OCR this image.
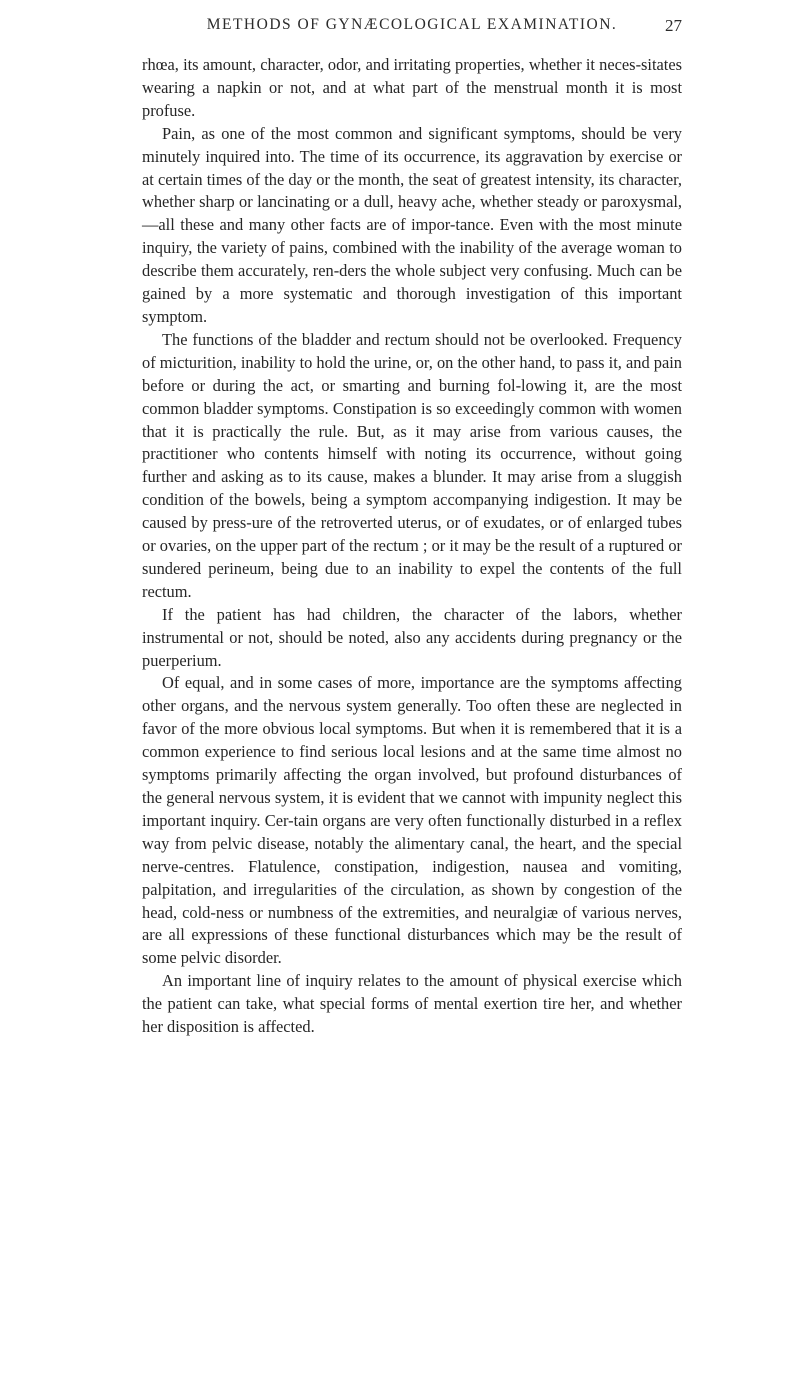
METHODS OF GYNÆCOLOGICAL EXAMINATION.	27

rhœa, its amount, character, odor, and irritating properties, whether it neces-sitates wearing a napkin or not, and at what part of the menstrual month it is most profuse.

Pain, as one of the most common and significant symptoms, should be very minutely inquired into. The time of its occurrence, its aggravation by exercise or at certain times of the day or the month, the seat of greatest intensity, its character, whether sharp or lancinating or a dull, heavy ache, whether steady or paroxysmal,—all these and many other facts are of impor-tance. Even with the most minute inquiry, the variety of pains, combined with the inability of the average woman to describe them accurately, ren-ders the whole subject very confusing. Much can be gained by a more systematic and thorough investigation of this important symptom.

The functions of the bladder and rectum should not be overlooked. Frequency of micturition, inability to hold the urine, or, on the other hand, to pass it, and pain before or during the act, or smarting and burning fol-lowing it, are the most common bladder symptoms. Constipation is so exceedingly common with women that it is practically the rule. But, as it may arise from various causes, the practitioner who contents himself with noting its occurrence, without going further and asking as to its cause, makes a blunder. It may arise from a sluggish condition of the bowels, being a symptom accompanying indigestion. It may be caused by press-ure of the retroverted uterus, or of exudates, or of enlarged tubes or ovaries, on the upper part of the rectum ; or it may be the result of a ruptured or sundered perineum, being due to an inability to expel the contents of the full rectum.

If the patient has had children, the character of the labors, whether instrumental or not, should be noted, also any accidents during pregnancy or the puerperium.

Of equal, and in some cases of more, importance are the symptoms affecting other organs, and the nervous system generally. Too often these are neglected in favor of the more obvious local symptoms. But when it is remembered that it is a common experience to find serious local lesions and at the same time almost no symptoms primarily affecting the organ involved, but profound disturbances of the general nervous system, it is evident that we cannot with impunity neglect this important inquiry. Cer-tain organs are very often functionally disturbed in a reflex way from pelvic disease, notably the alimentary canal, the heart, and the special nerve-centres. Flatulence, constipation, indigestion, nausea and vomiting, palpitation, and irregularities of the circulation, as shown by congestion of the head, cold-ness or numbness of the extremities, and neuralgiæ of various nerves, are all expressions of these functional disturbances which may be the result of some pelvic disorder.

An important line of inquiry relates to the amount of physical exercise which the patient can take, what special forms of mental exertion tire her, and whether her disposition is affected.
